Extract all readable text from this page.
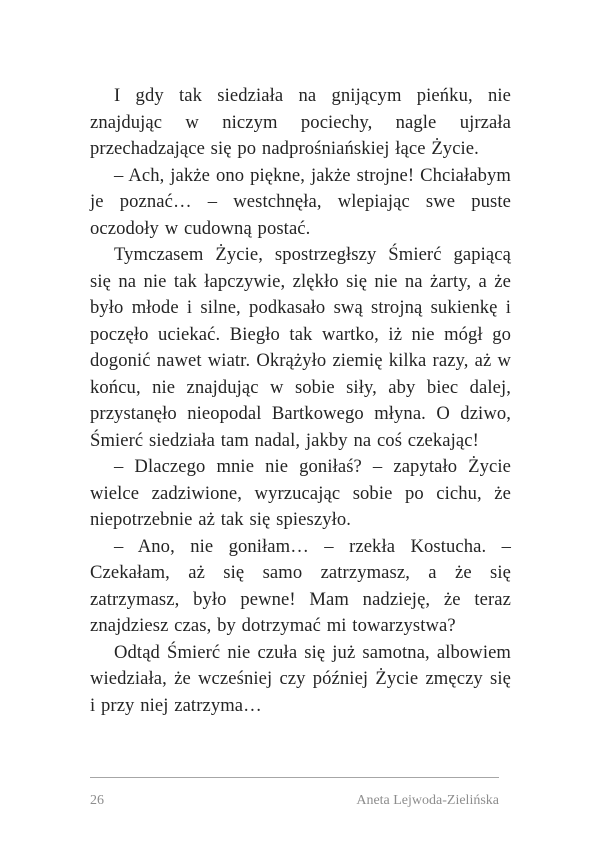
I gdy tak siedziała na gnijącym pieńku, nie znajdując w niczym pociechy, nagle ujrzała przechadzające się po nadprośniańskiej łące Życie.

– Ach, jakże ono piękne, jakże strojne! Chciałabym je poznać… – westchnęła, wlepiając swe puste oczodoły w cudowną postać.

Tymczasem Życie, spostrzegłszy Śmierć gapiącą się na nie tak łapczywie, zlękło się nie na żarty, a że było młode i silne, podkasało swą strojną sukienkę i poczęło uciekać. Biegło tak wartko, iż nie mógł go dogonić nawet wiatr. Okrążyło ziemię kilka razy, aż w końcu, nie znajdując w sobie siły, aby biec dalej, przystanęło nieopodal Bartkowego młyna. O dziwo, Śmierć siedziała tam nadal, jakby na coś czekając!

– Dlaczego mnie nie goniłaś? – zapytało Życie wielce zadziwione, wyrzucając sobie po cichu, że niepotrzebnie aż tak się spieszyło.

– Ano, nie goniłam… – rzekła Kostucha. – Czekałam, aż się samo zatrzymasz, a że się zatrzymasz, było pewne! Mam nadzieję, że teraz znajdziesz czas, by dotrzymać mi towarzystwa?

Odtąd Śmierć nie czuła się już samotna, albowiem wiedziała, że wcześniej czy później Życie zmęczy się i przy niej zatrzyma…

26	Aneta Lejwoda-Zielińska
